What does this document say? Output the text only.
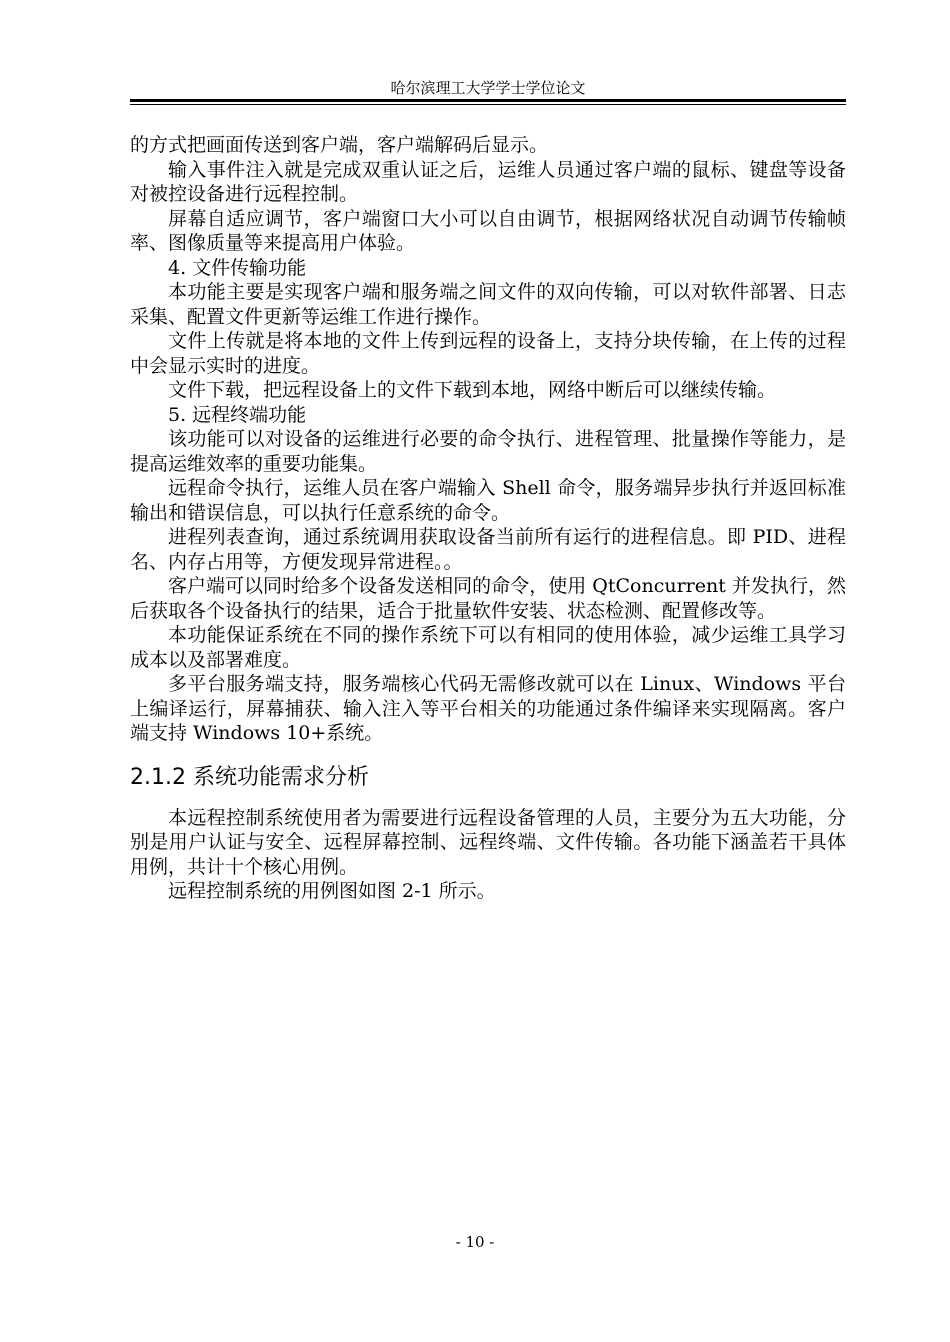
哈尔滨理工大学学士学位论文

的方式把画面传送到客户端，客户端解码后显示。

输入事件注入就是完成双重认证之后，运维人员通过客户端的鼠标、键盘等设备对被控设备进行远程控制。

屏幕自适应调节，客户端窗口大小可以自由调节，根据网络状况自动调节传输帧率、图像质量等来提高用户体验。

4. 文件传输功能

本功能主要是实现客户端和服务端之间文件的双向传输，可以对软件部署、日志采集、配置文件更新等运维工作进行操作。

文件上传就是将本地的文件上传到远程的设备上，支持分块传输，在上传的过程中会显示实时的进度。

文件下载，把远程设备上的文件下载到本地，网络中断后可以继续传输。

5. 远程终端功能

该功能可以对设备的运维进行必要的命令执行、进程管理、批量操作等能力，是提高运维效率的重要功能集。

远程命令执行，运维人员在客户端输入 Shell 命令，服务端异步执行并返回标准输出和错误信息，可以执行任意系统的命令。

进程列表查询，通过系统调用获取设备当前所有运行的进程信息。即 PID、进程名、内存占用等，方便发现异常进程。。

客户端可以同时给多个设备发送相同的命令，使用 QtConcurrent 并发执行，然后获取各个设备执行的结果，适合于批量软件安装、状态检测、配置修改等。

本功能保证系统在不同的操作系统下可以有相同的使用体验，减少运维工具学习成本以及部署难度。

多平台服务端支持，服务端核心代码无需修改就可以在 Linux、Windows 平台上编译运行，屏幕捕获、输入注入等平台相关的功能通过条件编译来实现隔离。客户端支持 Windows 10+系统。

2.1.2 系统功能需求分析

本远程控制系统使用者为需要进行远程设备管理的人员，主要分为五大功能，分别是用户认证与安全、远程屏幕控制、远程终端、文件传输。各功能下涵盖若干具体用例，共计十个核心用例。

远程控制系统的用例图如图 2-1 所示。

- 10 -
